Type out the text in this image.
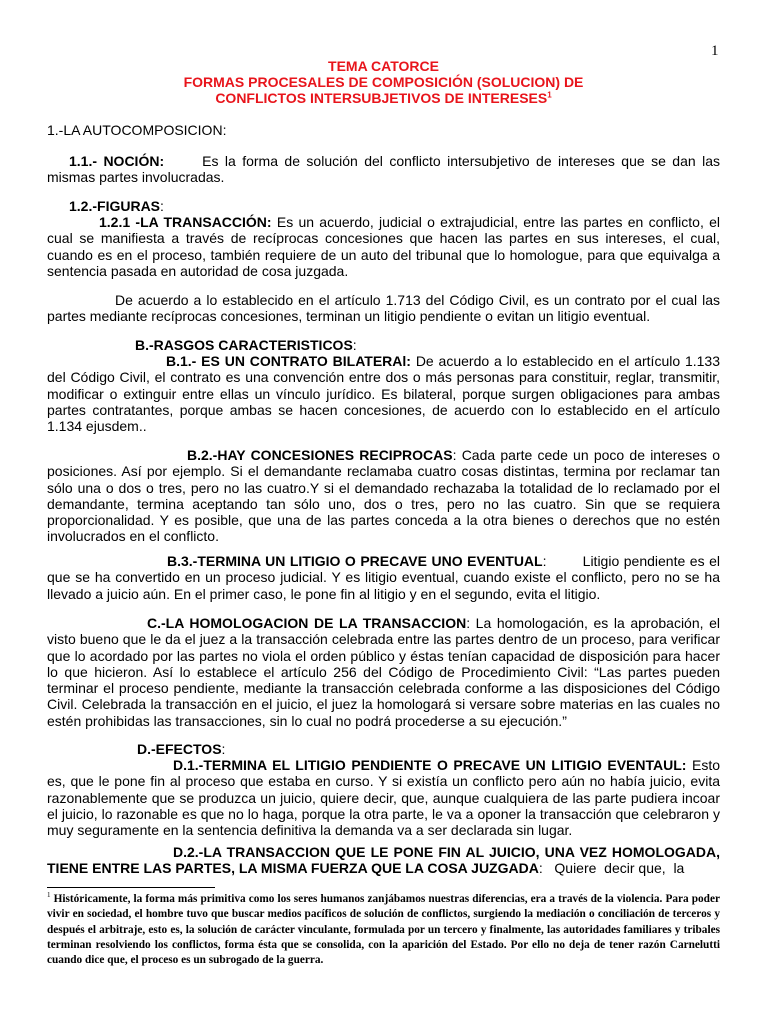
1
TEMA CATORCE
FORMAS PROCESALES DE COMPOSICIÓN (SOLUCION) DE
CONFLICTOS INTERSUBJETIVOS DE INTERESES$^1$
1.-LA AUTOCOMPOSICION:
1.1.- NOCIÓN:	Es la forma de solución del conflicto intersubjetivo de intereses que se dan las mismas partes involucradas.
1.2.-FIGURAS:
1.2.1 -LA TRANSACCIÓN: Es un acuerdo, judicial o extrajudicial, entre las partes en conflicto, el cual se manifiesta a través de recíprocas concesiones que hacen las partes en sus intereses, el cual, cuando es en el proceso, también requiere de un auto del tribunal que lo homologue, para que equivalga a sentencia pasada en autoridad de cosa juzgada.
De acuerdo a lo establecido en el artículo 1.713 del Código Civil, es un contrato por el cual las partes mediante recíprocas concesiones, terminan un litigio pendiente o evitan un litigio eventual.
B.-RASGOS CARACTERISTICOS:
B.1.- ES UN CONTRATO BILATERAl: De acuerdo a lo establecido en el artículo 1.133 del Código Civil, el contrato es una convención entre dos o más personas para constituir, reglar, transmitir, modificar o extinguir entre ellas un vínculo jurídico. Es bilateral, porque surgen obligaciones para ambas partes contratantes, porque ambas se hacen concesiones, de acuerdo con lo establecido en el artículo 1.134 ejusdem..
B.2.-HAY CONCESIONES RECIPROCAS: Cada parte cede un poco de intereses o posiciones. Así por ejemplo. Si el demandante reclamaba cuatro cosas distintas, termina por reclamar tan sólo una o dos o tres, pero no las cuatro.Y si el demandado rechazaba la totalidad de lo reclamado por el demandante, termina aceptando tan sólo uno, dos o tres, pero no las cuatro. Sin que se requiera proporcionalidad. Y es posible, que una de las partes conceda a la otra bienes o derechos que no estén involucrados en el conflicto.
B.3.-TERMINA UN LITIGIO O PRECAVE UNO EVENTUAL:        Litigio pendiente es el que se ha convertido en un proceso judicial. Y es litigio eventual, cuando existe el conflicto, pero no se ha llevado a juicio aún. En el primer caso, le pone fin al litigio y en el segundo, evita el litigio.
C.-LA HOMOLOGACION DE LA TRANSACCION: La homologación, es la aprobación, el visto bueno que le da el juez a la transacción celebrada entre las partes dentro de un proceso, para verificar que lo acordado por las partes no viola el orden público y éstas tenían capacidad de disposición para hacer lo que hicieron. Así lo establece el artículo 256 del Código de Procedimiento Civil: “Las partes pueden terminar el proceso pendiente, mediante la transacción celebrada conforme a las disposiciones del Código Civil. Celebrada la transacción en el juicio, el juez la homologará si versare sobre materias en las cuales no estén prohibidas las transacciones, sin lo cual no podrá procederse a su ejecución.”
D.-EFECTOS:
D.1.-TERMINA EL LITIGIO PENDIENTE O PRECAVE UN LITIGIO EVENTAUL: Esto es, que le pone fin al proceso que estaba en curso. Y si existía un conflicto pero aún no había juicio, evita razonablemente que se produzca un juicio, quiere decir, que, aunque cualquiera de las parte pudiera incoar el juicio, lo razonable es que no lo haga, porque la otra parte, le va a oponer la transacción que celebraron y muy seguramente en la sentencia definitiva la demanda va a ser declarada sin lugar.
D.2.-LA TRANSACCION QUE LE PONE FIN AL JUICIO, UNA VEZ HOMOLOGADA, TIENE ENTRE LAS PARTES, LA MISMA FUERZA QUE LA COSA JUZGADA:   Quiere  decir que,  la
$^1$ Históricamente, la forma más primitiva como los seres humanos zanjábamos nuestras diferencias, era a través de la violencia. Para poder vivir en sociedad, el hombre tuvo que buscar medios pacíficos de solución de conflictos, surgiendo la mediación o conciliación de terceros y después el arbitraje, esto es, la solución de carácter vinculante, formulada por un tercero y finalmente, las autoridades familiares y tribales terminan resolviendo los conflictos, forma ésta que se consolida, con la aparición del Estado. Por ello no deja de tener razón Carnelutti cuando dice que, el proceso es un subrogado de la guerra.
